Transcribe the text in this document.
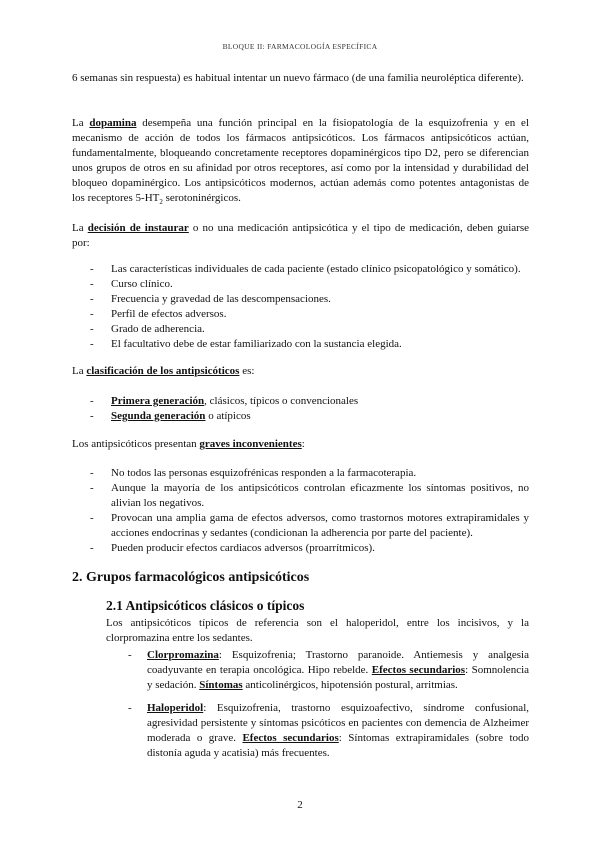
BLOQUE II: FARMACOLOGÍA ESPECÍFICA

6 semanas sin respuesta) es habitual intentar un nuevo fármaco (de una familia neuroléptica diferente).

La dopamina desempeña una función principal en la fisiopatología de la esquizofrenia y en el mecanismo de acción de todos los fármacos antipsicóticos. Los fármacos antipsicóticos actúan, fundamentalmente, bloqueando concretamente receptores dopaminérgicos tipo D2, pero se diferencian unos grupos de otros en su afinidad por otros receptores, así como por la intensidad y durabilidad del bloqueo dopaminérgico. Los antipsicóticos modernos, actúan además como potentes antagonistas de los receptores $5-HT_2$ serotoninérgicos.

La decisión de instaurar o no una medicación antipsicótica y el tipo de medicación, deben guiarse por:

- Las características individuales de cada paciente (estado clínico psicopatológico y somático).
- Curso clínico.
- Frecuencia y gravedad de las descompensaciones.
- Perfil de efectos adversos.
- Grado de adherencia.
- El facultativo debe de estar familiarizado con la sustancia elegida.

La clasificación de los antipsicóticos es:

- Primera generación, clásicos, típicos o convencionales
- Segunda generación o atípicos

Los antipsicóticos presentan graves inconvenientes:

- No todos las personas esquizofrénicas responden a la farmacoterapia.
- Aunque la mayoría de los antipsicóticos controlan eficazmente los síntomas positivos, no alivian los negativos.
- Provocan una amplia gama de efectos adversos, como trastornos motores extrapiramidales y acciones endocrinas y sedantes (condicionan la adherencia por parte del paciente).
- Pueden producir efectos cardiacos adversos (proarrítmicos).

2. Grupos farmacológicos antipsicóticos

2.1 Antipsicóticos clásicos o típicos

Los antipsicóticos típicos de referencia son el haloperidol, entre los incisivos, y la clorpromazina entre los sedantes.

- Clorpromazina: Esquizofrenia; Trastorno paranoide. Antiemesis y analgesia coadyuvante en terapia oncológica. Hipo rebelde. Efectos secundarios: Somnolencia y sedación. Síntomas anticolinérgicos, hipotensión postural, arritmias.
- Haloperidol: Esquizofrenia, trastorno esquizoafectivo, síndrome confusional, agresividad persistente y síntomas psicóticos en pacientes con demencia de Alzheimer moderada o grave. Efectos secundarios: Síntomas extrapiramidales (sobre todo distonía aguda y acatisia) más frecuentes.
2
